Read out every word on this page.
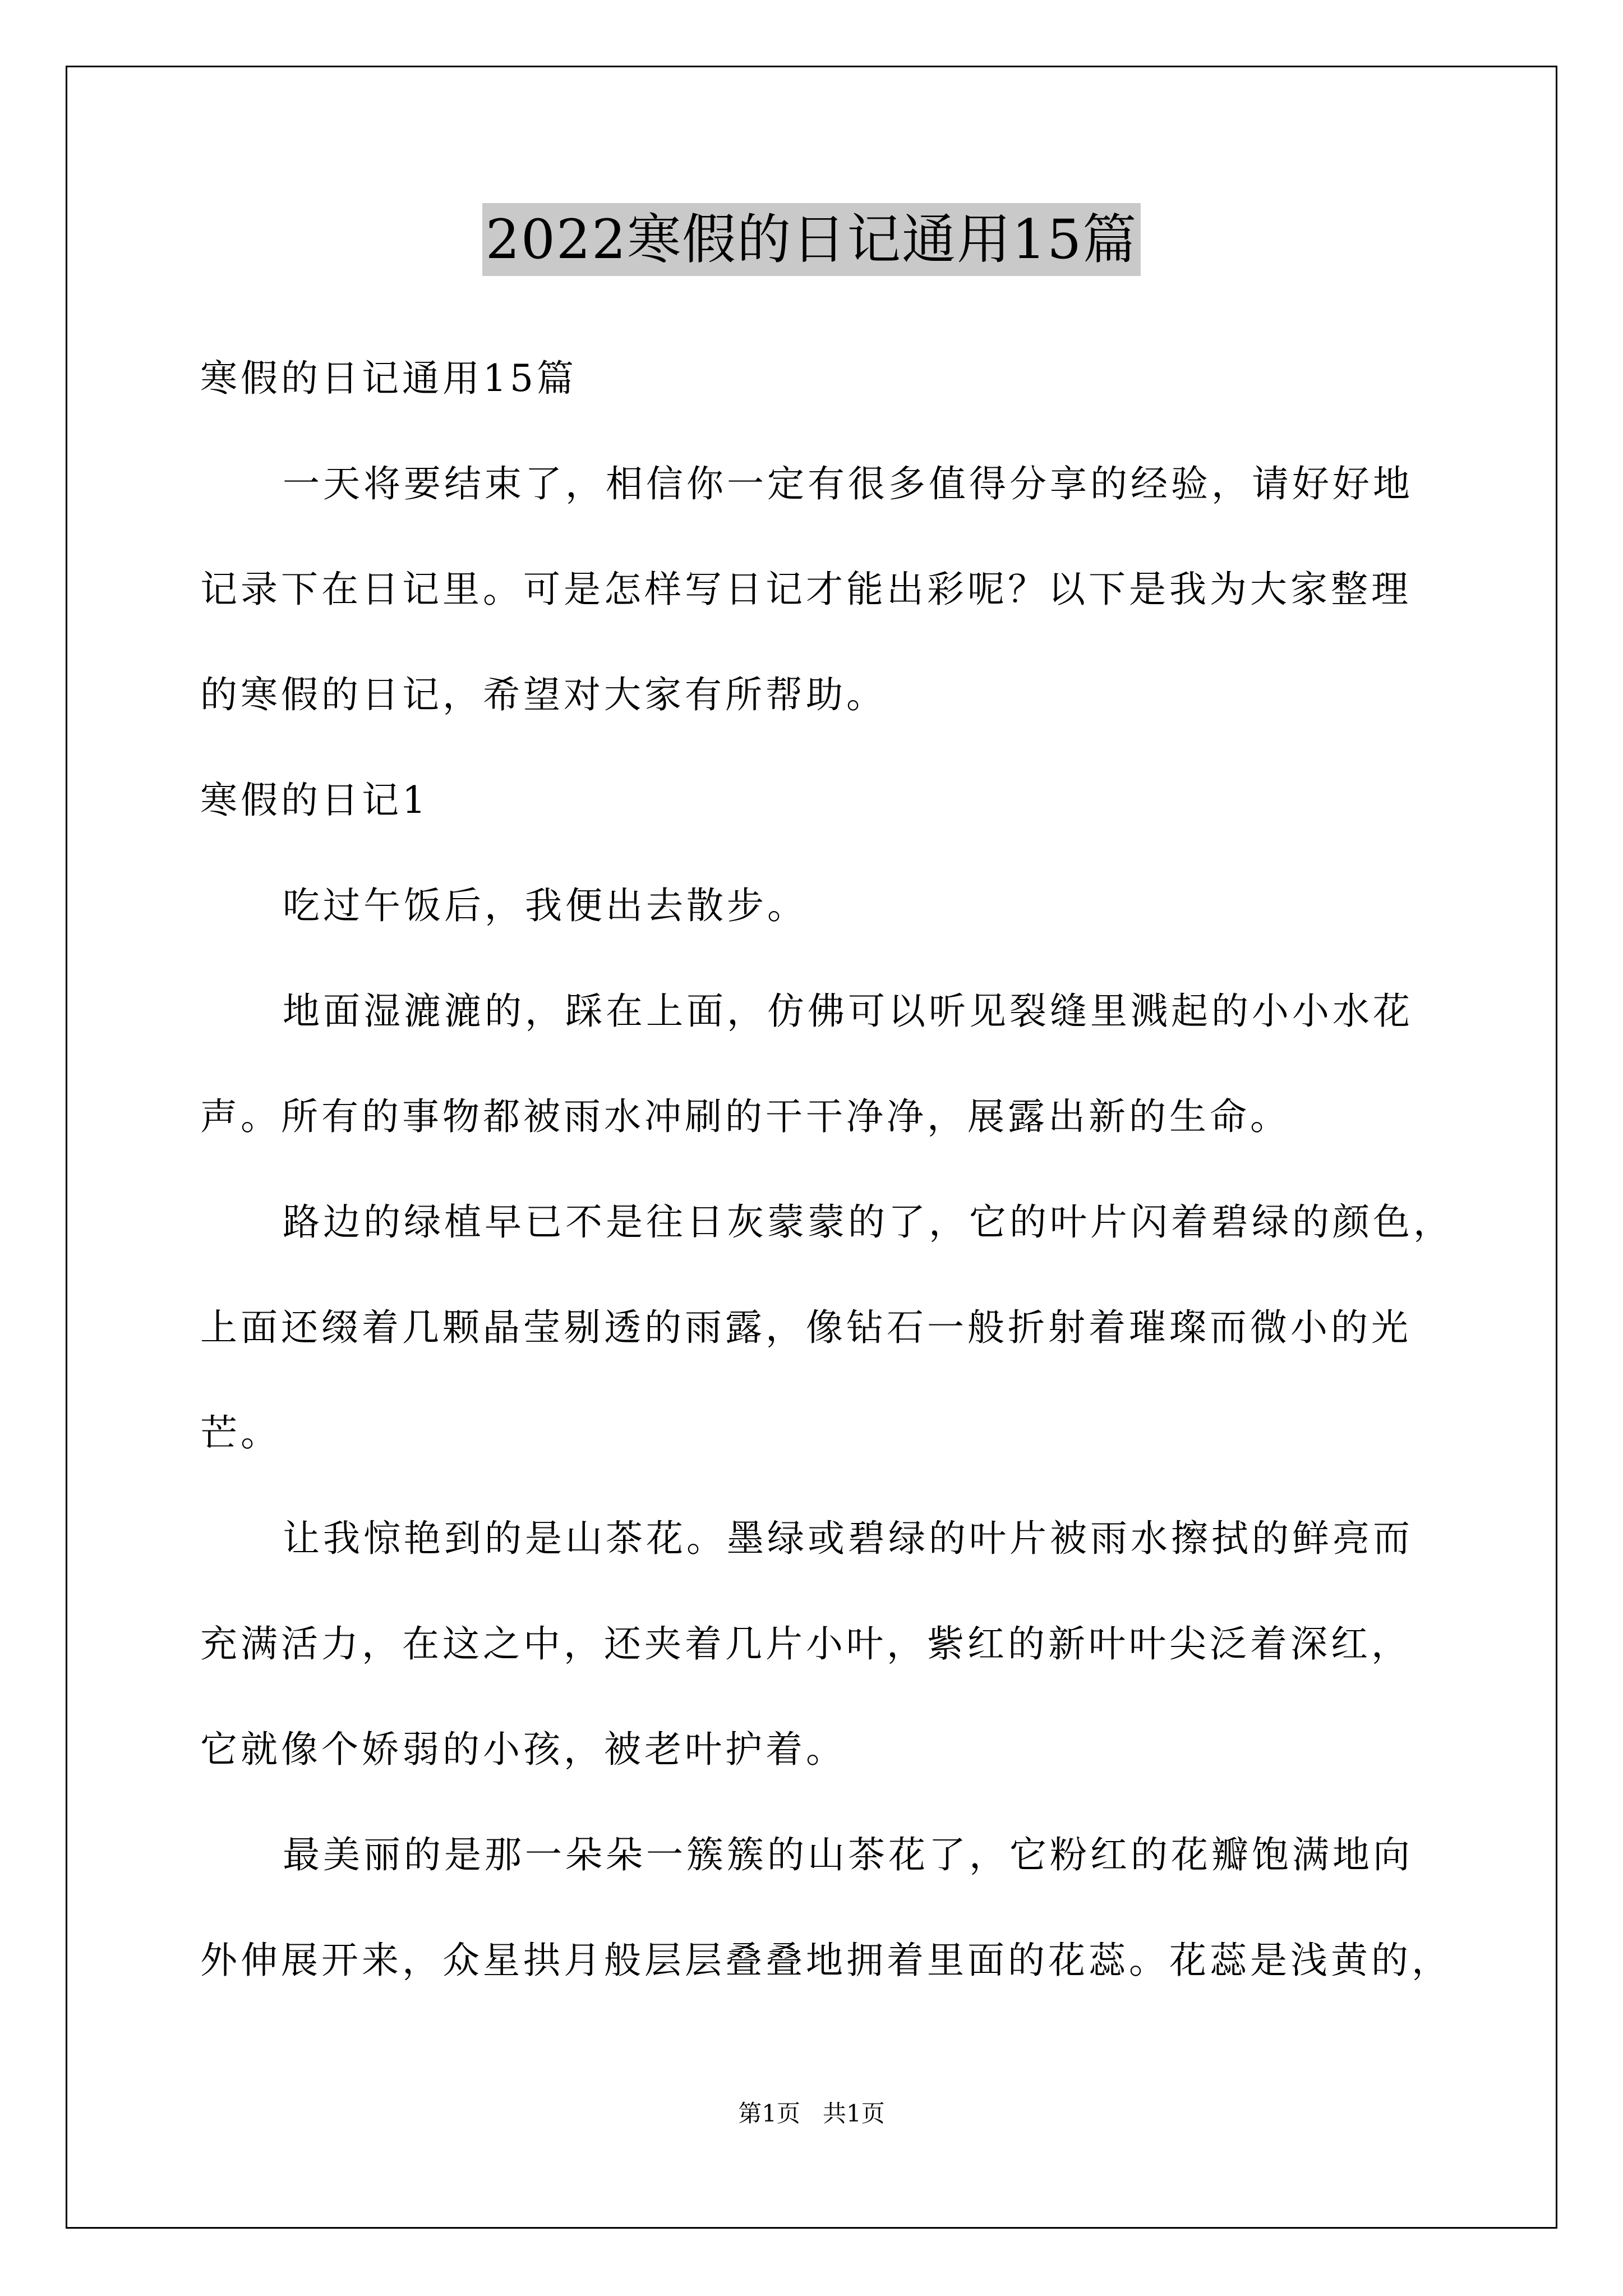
2022寒假的日记通用15篇
寒假的日记通用15篇
一天将要结束了，相信你一定有很多值得分享的经验，请好好地
记录下在日记里。可是怎样写日记才能出彩呢？以下是我为大家整理
的寒假的日记，希望对大家有所帮助。
寒假的日记1
吃过午饭后，我便出去散步。
地面湿漉漉的，踩在上面，仿佛可以听见裂缝里溅起的小小水花
声。所有的事物都被雨水冲刷的干干净净，展露出新的生命。
路边的绿植早已不是往日灰蒙蒙的了，它的叶片闪着碧绿的颜色，
上面还缀着几颗晶莹剔透的雨露，像钻石一般折射着璀璨而微小的光
芒。
让我惊艳到的是山茶花。墨绿或碧绿的叶片被雨水擦拭的鲜亮而
充满活力，在这之中，还夹着几片小叶，紫红的新叶叶尖泛着深红，
它就像个娇弱的小孩，被老叶护着。
最美丽的是那一朵朵一簇簇的山茶花了，它粉红的花瓣饱满地向
外伸展开来，众星拱月般层层叠叠地拥着里面的花蕊。花蕊是浅黄的，
第1页   共1页
